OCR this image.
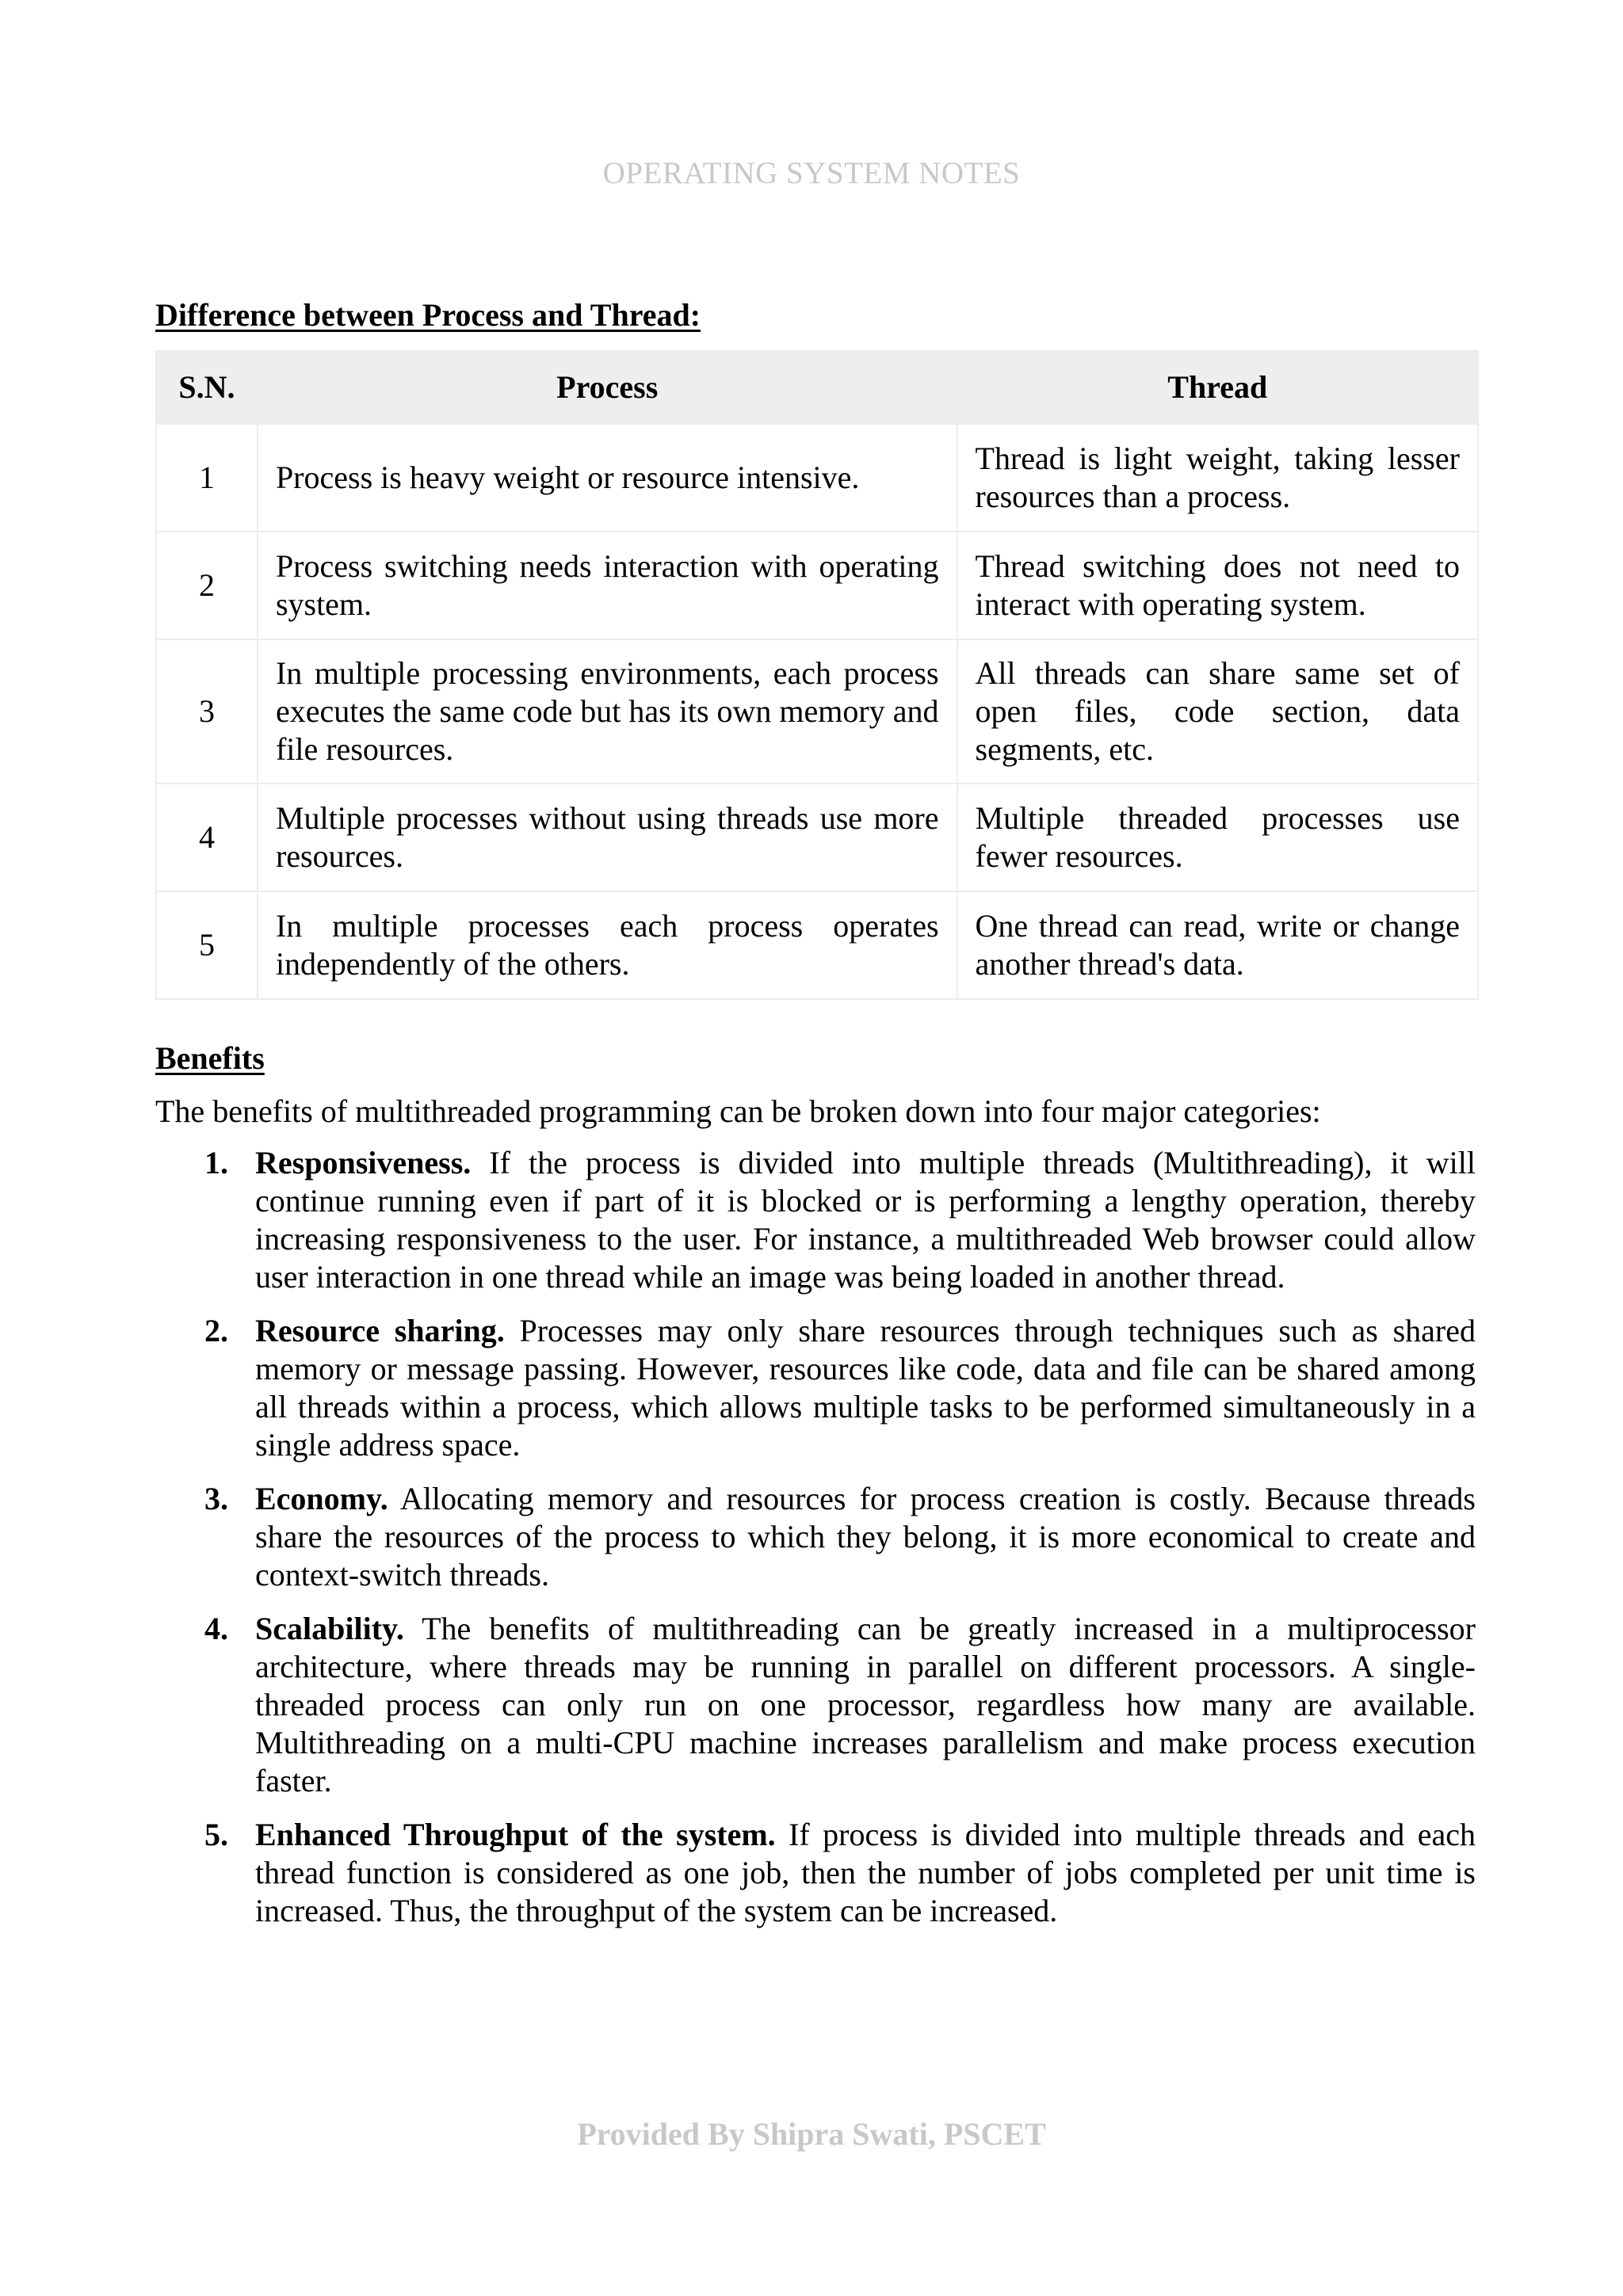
OPERATING SYSTEM NOTES
Difference between Process and Thread:
S.N.	Process	Thread
1	Process is heavy weight or resource intensive.	Thread is light weight, taking lesser resources than a process.
2	Process switching needs interaction with operating system.	Thread switching does not need to interact with operating system.
3	In multiple processing environments, each process executes the same code but has its own memory and file resources.	All threads can share same set of open files, code section, data segments, etc.
4	Multiple processes without using threads use more resources.	Multiple threaded processes use fewer resources.
5	In multiple processes each process operates independently of the others.	One thread can read, write or change another thread's data.
Benefits
The benefits of multithreaded programming can be broken down into four major categories:
1. Responsiveness. If the process is divided into multiple threads (Multithreading), it will continue running even if part of it is blocked or is performing a lengthy operation, thereby increasing responsiveness to the user. For instance, a multithreaded Web browser could allow user interaction in one thread while an image was being loaded in another thread.
2. Resource sharing. Processes may only share resources through techniques such as shared memory or message passing. However, resources like code, data and file can be shared among all threads within a process, which allows multiple tasks to be performed simultaneously in a single address space.
3. Economy. Allocating memory and resources for process creation is costly. Because threads share the resources of the process to which they belong, it is more economical to create and context-switch threads.
4. Scalability. The benefits of multithreading can be greatly increased in a multiprocessor architecture, where threads may be running in parallel on different processors. A single-threaded process can only run on one processor, regardless how many are available. Multithreading on a multi-CPU machine increases parallelism and make process execution faster.
5. Enhanced Throughput of the system. If process is divided into multiple threads and each thread function is considered as one job, then the number of jobs completed per unit time is increased. Thus, the throughput of the system can be increased.
Provided By Shipra Swati, PSCET
